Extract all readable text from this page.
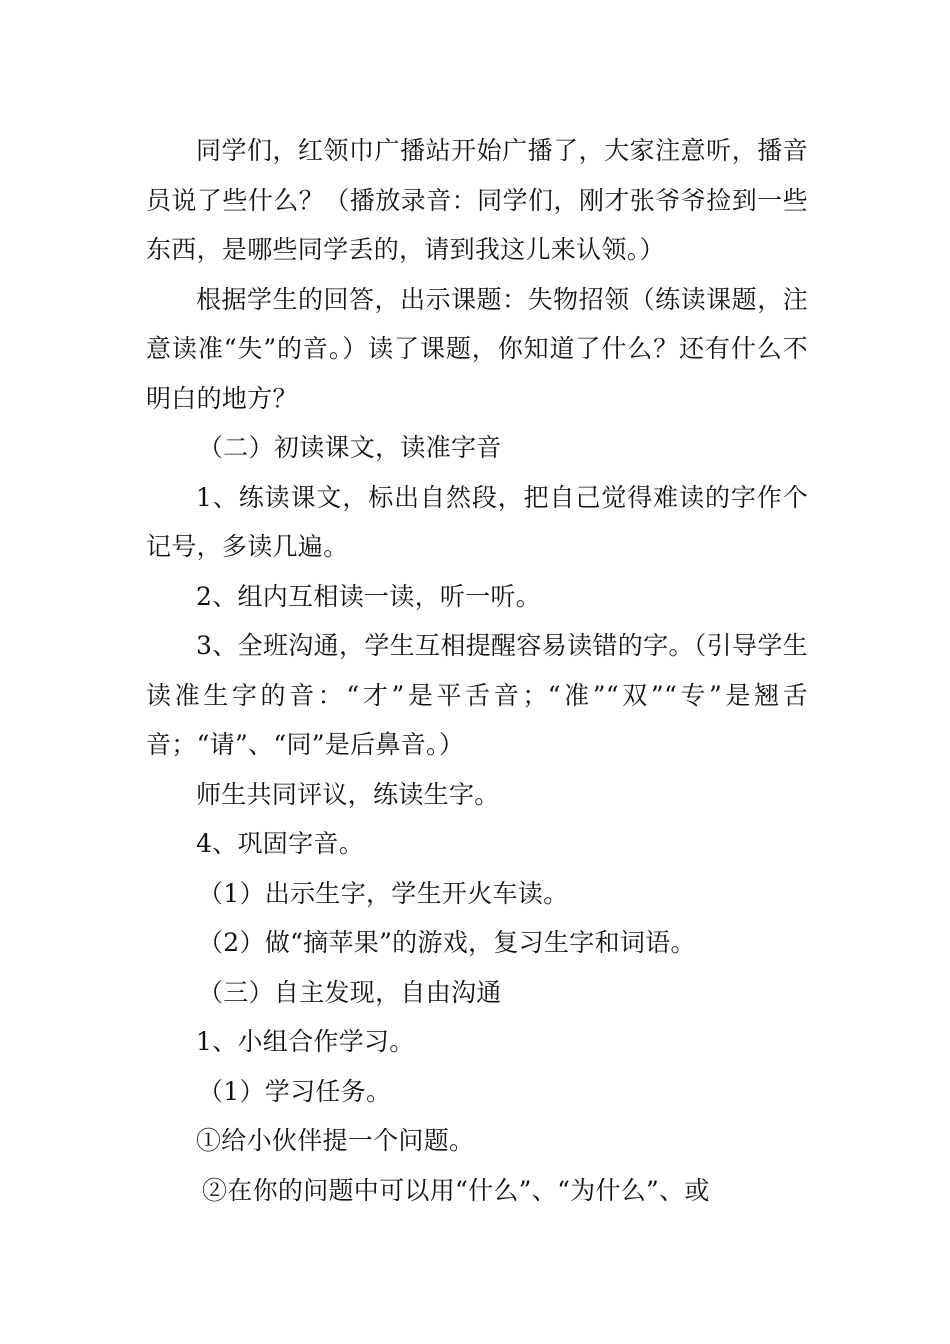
同学们，红领巾广播站开始广播了，大家注意听，播音员说了些什么？（播放录音：同学们，刚才张爷爷捡到一些东西，是哪些同学丢的，请到我这儿来认领。）

根据学生的回答，出示课题：失物招领（练读课题，注意读准“失”的音。）读了课题，你知道了什么？还有什么不明白的地方？

（二）初读课文，读准字音

1、练读课文，标出自然段，把自己觉得难读的字作个记号，多读几遍。

2、组内互相读一读，听一听。

3、全班沟通，学生互相提醒容易读错的字。（引导学生读准生字的音：“才”是平舌音；“准”“双”“专”是翘舌音；“请”、“同”是后鼻音。）

师生共同评议，练读生字。

4、巩固字音。

（1）出示生字，学生开火车读。

（2）做“摘苹果”的游戏，复习生字和词语。

（三）自主发现，自由沟通

1、小组合作学习。

（1）学习任务。

①给小伙伴提一个问题。

②在你的问题中可以用“什么”、“为什么”、或
